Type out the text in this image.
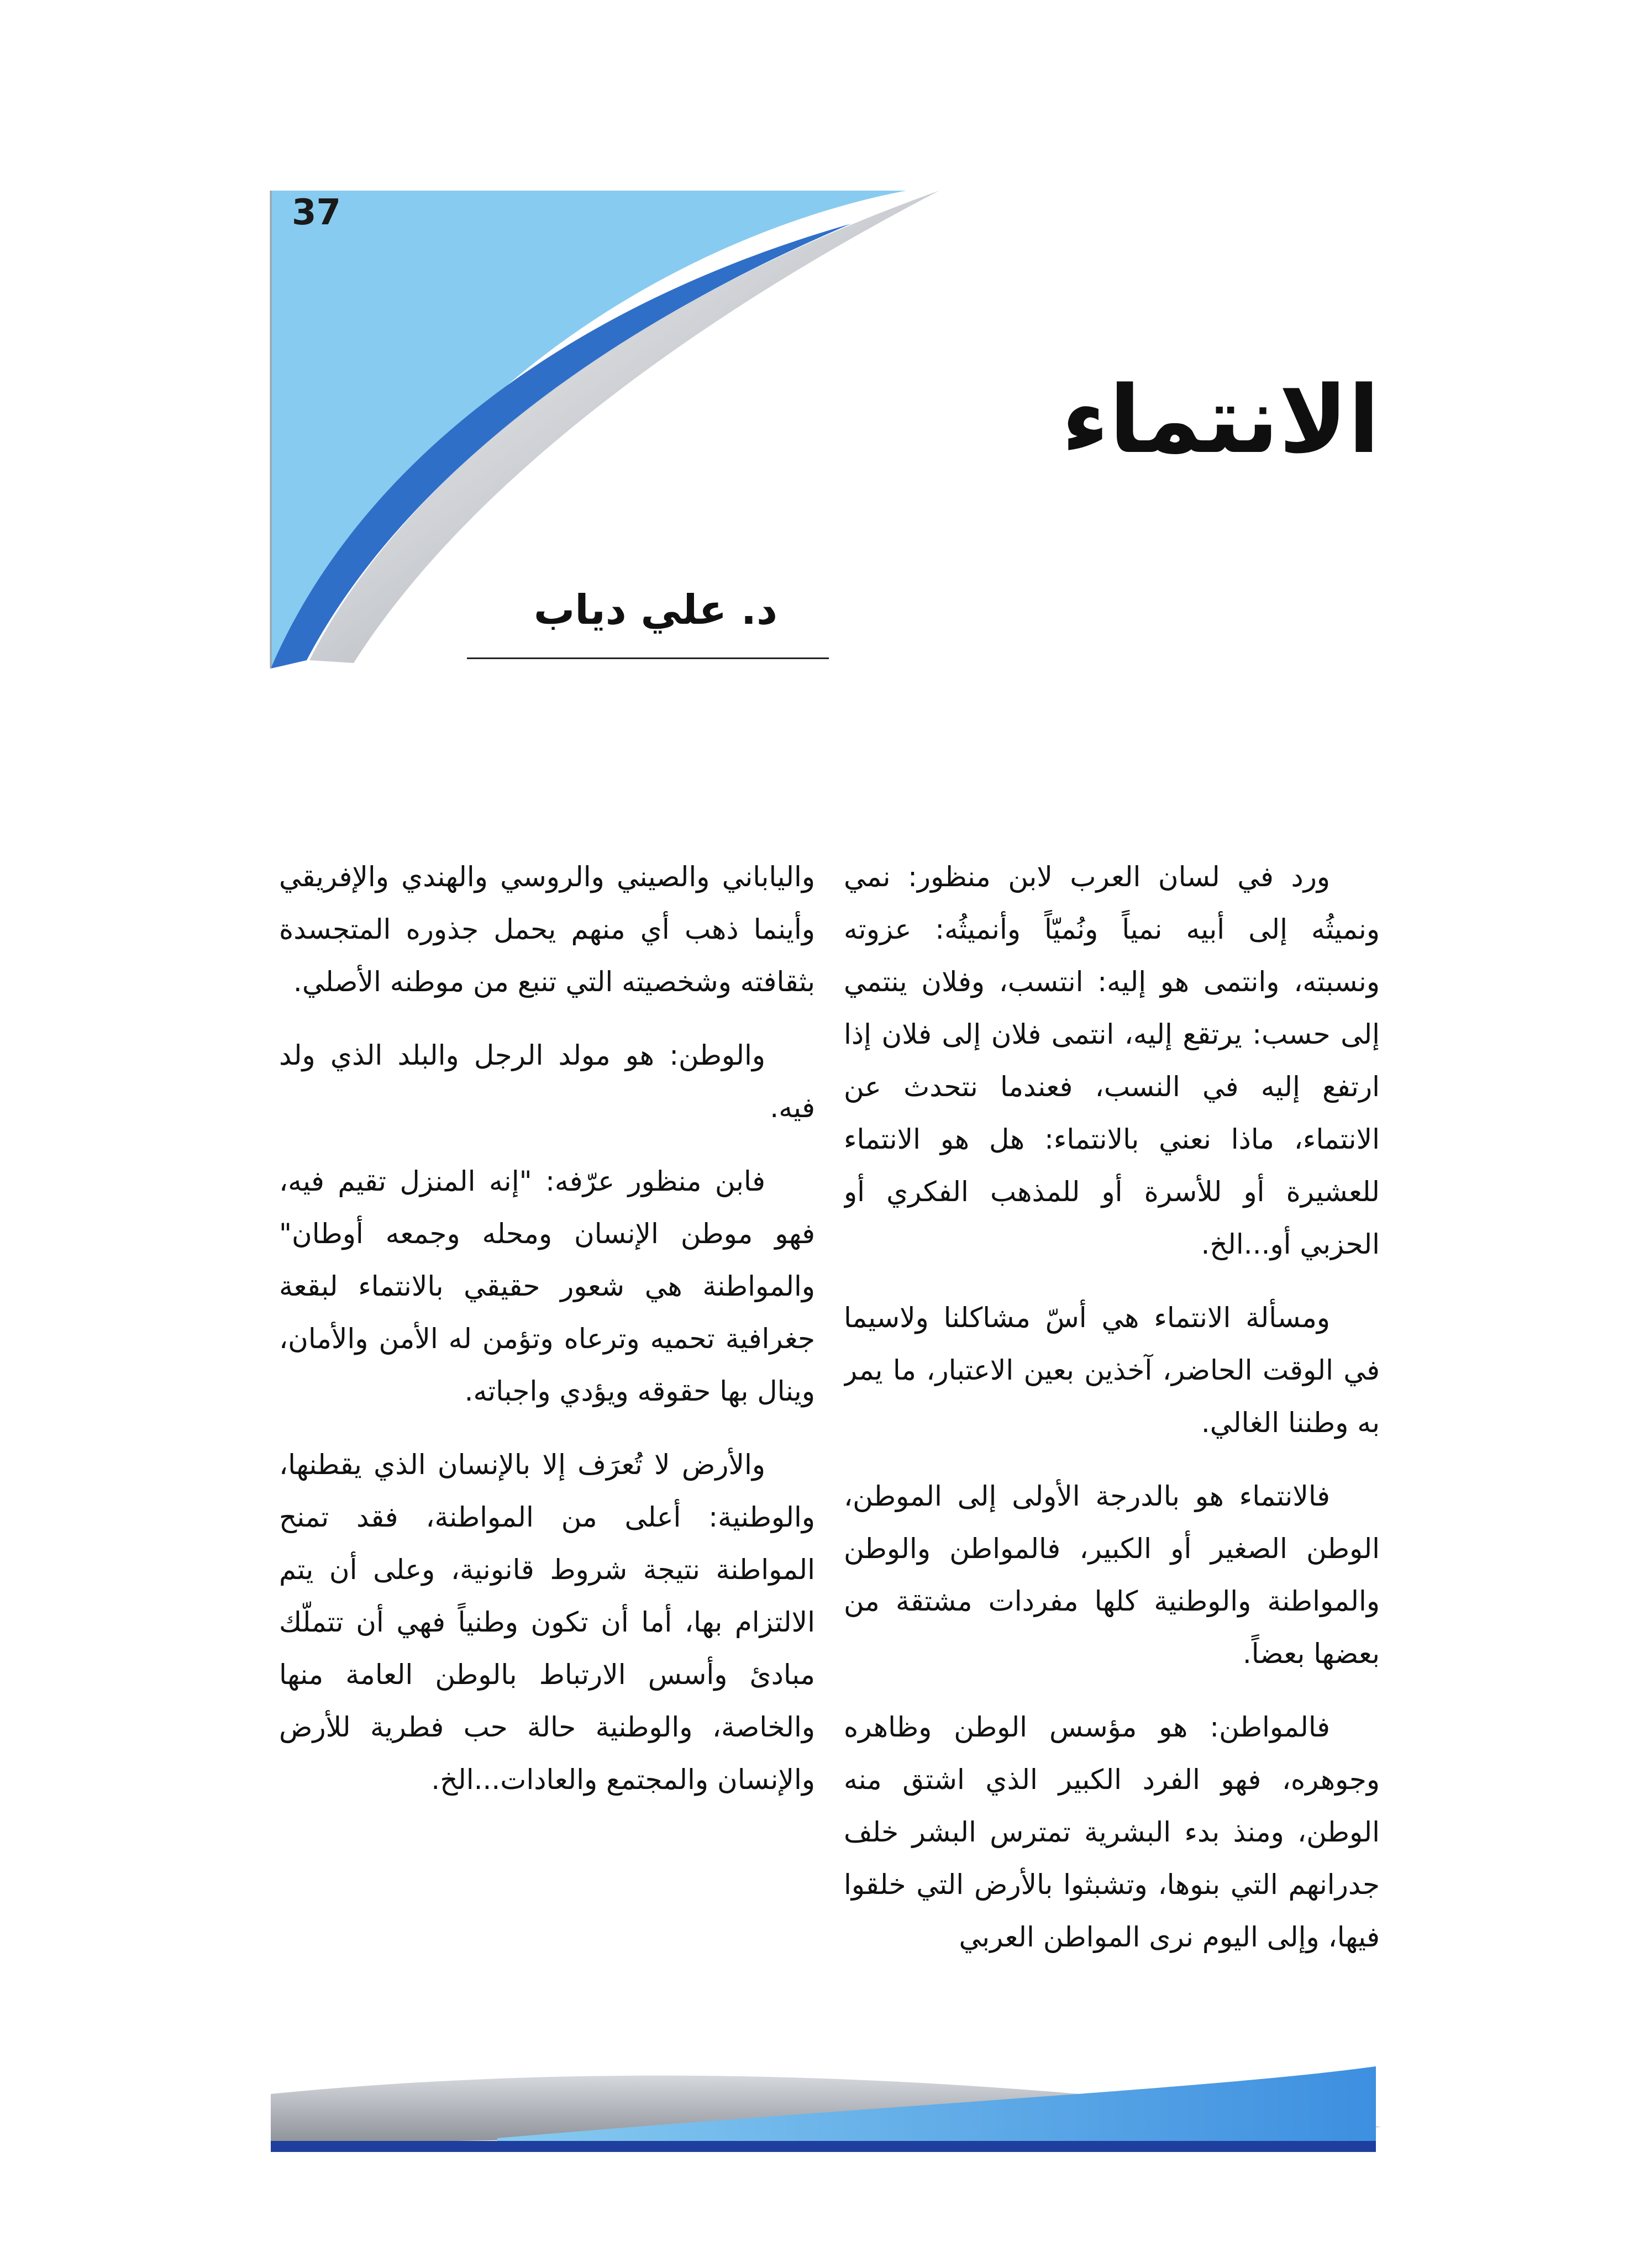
37
الانتماء
د. علي دياب

ورد في لسان العرب لابن منظور: نمي ونميثُه إلى أبيه نمياً ونُميّاً وأنميثُه: عزوته ونسبته، وانتمى هو إليه: انتسب، وفلان ينتمي إلى حسب: يرتقع إليه، انتمى فلان إلى فلان إذا ارتفع إليه في النسب، فعندما نتحدث عن الانتماء، ماذا نعني بالانتماء: هل هو الانتماء للعشيرة أو للأسرة أو للمذهب الفكري أو الحزبي أو...الخ.

ومسألة الانتماء هي أسّ مشاكلنا ولاسيما في الوقت الحاضر، آخذين بعين الاعتبار، ما يمر به وطننا الغالي.

فالانتماء هو بالدرجة الأولى إلى الموطن، الوطن الصغير أو الكبير، فالمواطن والوطن والمواطنة والوطنية كلها مفردات مشتقة من بعضها بعضاً.

فالمواطن: هو مؤسس الوطن وظاهره وجوهره، فهو الفرد الكبير الذي اشتق منه الوطن، ومنذ بدء البشرية تمترس البشر خلف جدرانهم التي بنوها، وتشبثوا بالأرض التي خلقوا فيها، وإلى اليوم نرى المواطن العربي

والياباني والصيني والروسي والهندي والإفريقي وأينما ذهب أي منهم يحمل جذوره المتجسدة بثقافته وشخصيته التي تنبع من موطنه الأصلي.

والوطن: هو مولد الرجل والبلد الذي ولد فيه.

فابن منظور عرّفه: "إنه المنزل تقيم فيه، فهو موطن الإنسان ومحله وجمعه أوطان" والمواطنة هي شعور حقيقي بالانتماء لبقعة جغرافية تحميه وترعاه وتؤمن له الأمن والأمان، وينال بها حقوقه ويؤدي واجباته.

والأرض لا تُعرَف إلا بالإنسان الذي يقطنها، والوطنية: أعلى من المواطنة، فقد تمنح المواطنة نتيجة شروط قانونية، وعلى أن يتم الالتزام بها، أما أن تكون وطنياً فهي أن تتملّك مبادئ وأسس الارتباط بالوطن العامة منها والخاصة، والوطنية حالة حب فطرية للأرض والإنسان والمجتمع والعادات...الخ.
